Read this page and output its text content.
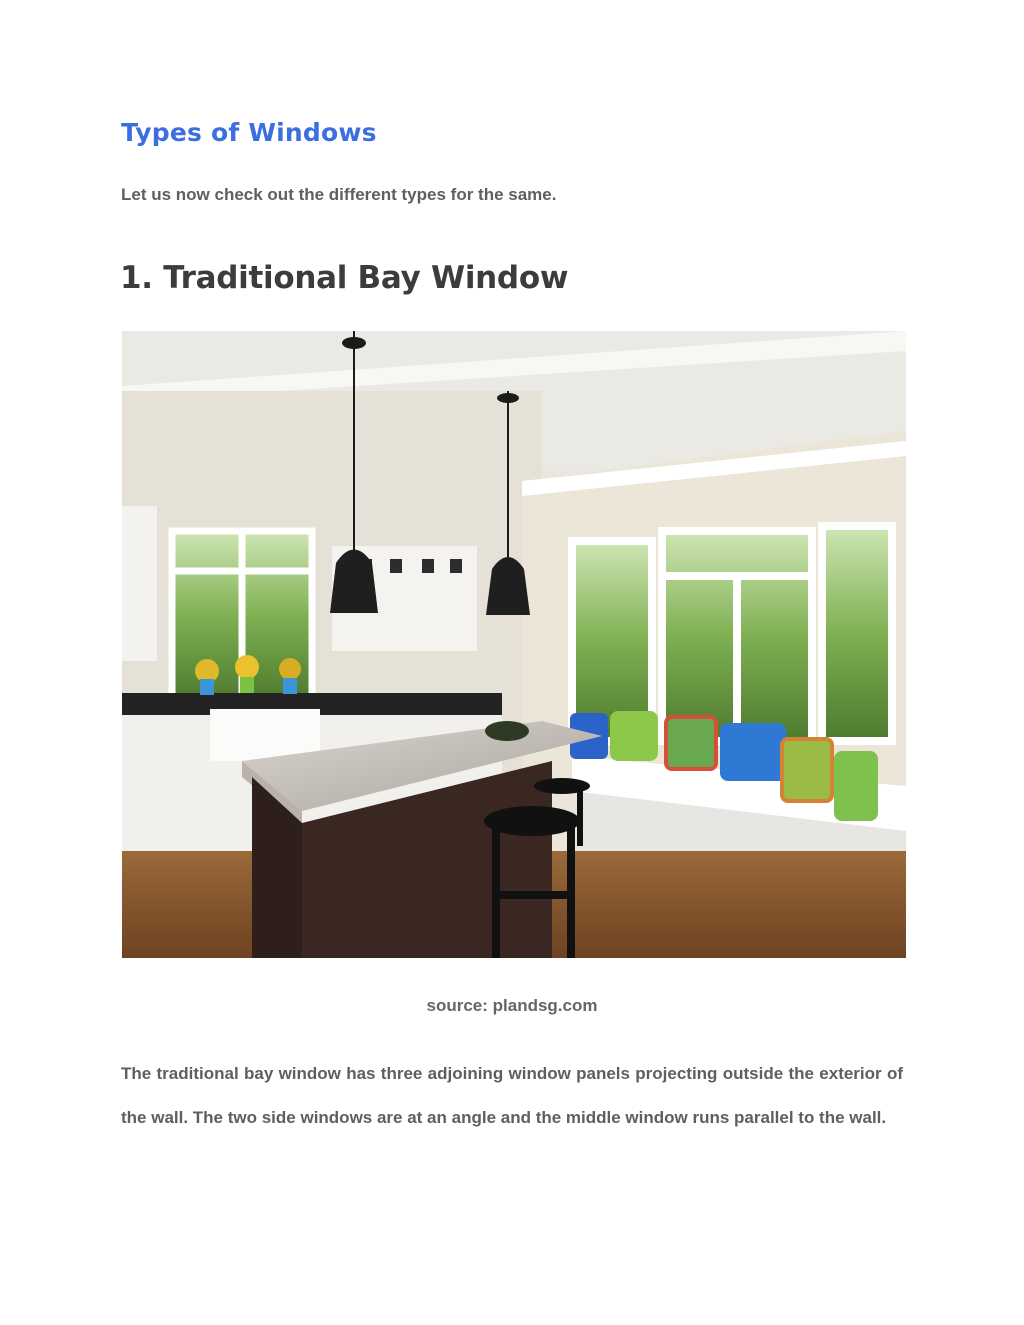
Types of Windows

Let us now check out the different types for the same.

1. Traditional Bay Window

source: plandsg.com

The traditional bay window has three adjoining window panels projecting outside the exterior of the wall. The two side windows are at an angle and the middle window runs parallel to the wall.
